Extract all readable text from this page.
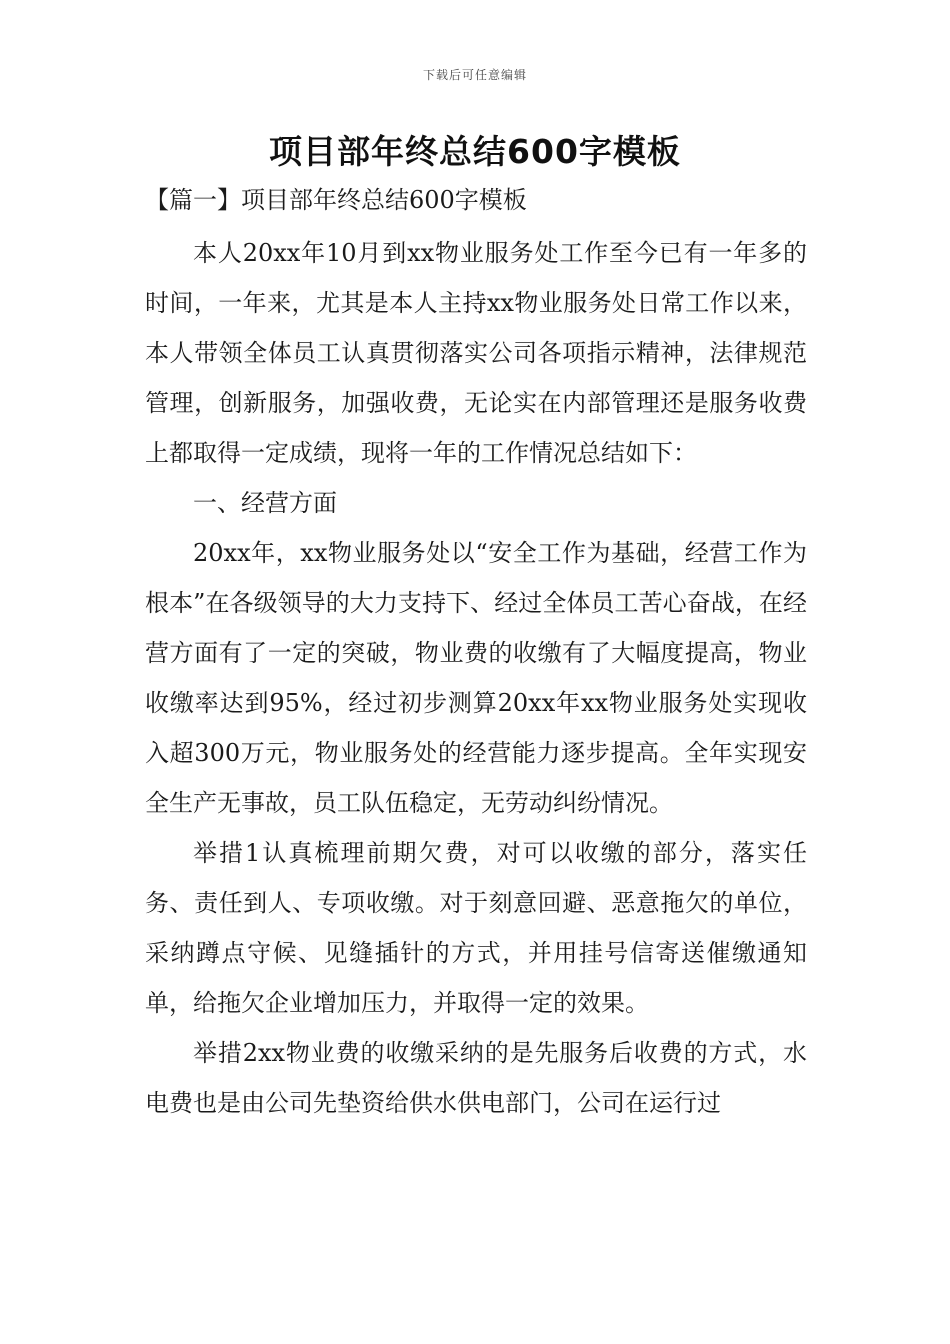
下载后可任意编辑
项目部年终总结600字模板
【篇一】项目部年终总结600字模板

本人20xx年10月到xx物业服务处工作至今已有一年多的时间，一年来，尤其是本人主持xx物业服务处日常工作以来，本人带领全体员工认真贯彻落实公司各项指示精神，法律规范管理，创新服务，加强收费，无论实在内部管理还是服务收费上都取得一定成绩，现将一年的工作情况总结如下：

一、经营方面

20xx年，xx物业服务处以“安全工作为基础，经营工作为根本”在各级领导的大力支持下、经过全体员工苦心奋战，在经营方面有了一定的突破，物业费的收缴有了大幅度提高，物业收缴率达到95%，经过初步测算20xx年xx物业服务处实现收入超300万元，物业服务处的经营能力逐步提高。全年实现安全生产无事故，员工队伍稳定，无劳动纠纷情况。

举措1认真梳理前期欠费，对可以收缴的部分，落实任务、责任到人、专项收缴。对于刻意回避、恶意拖欠的单位，采纳蹲点守候、见缝插针的方式，并用挂号信寄送催缴通知单，给拖欠企业增加压力，并取得一定的效果。

举措2xx物业费的收缴采纳的是先服务后收费的方式，水电费也是由公司先垫资给供水供电部门，公司在运行过
